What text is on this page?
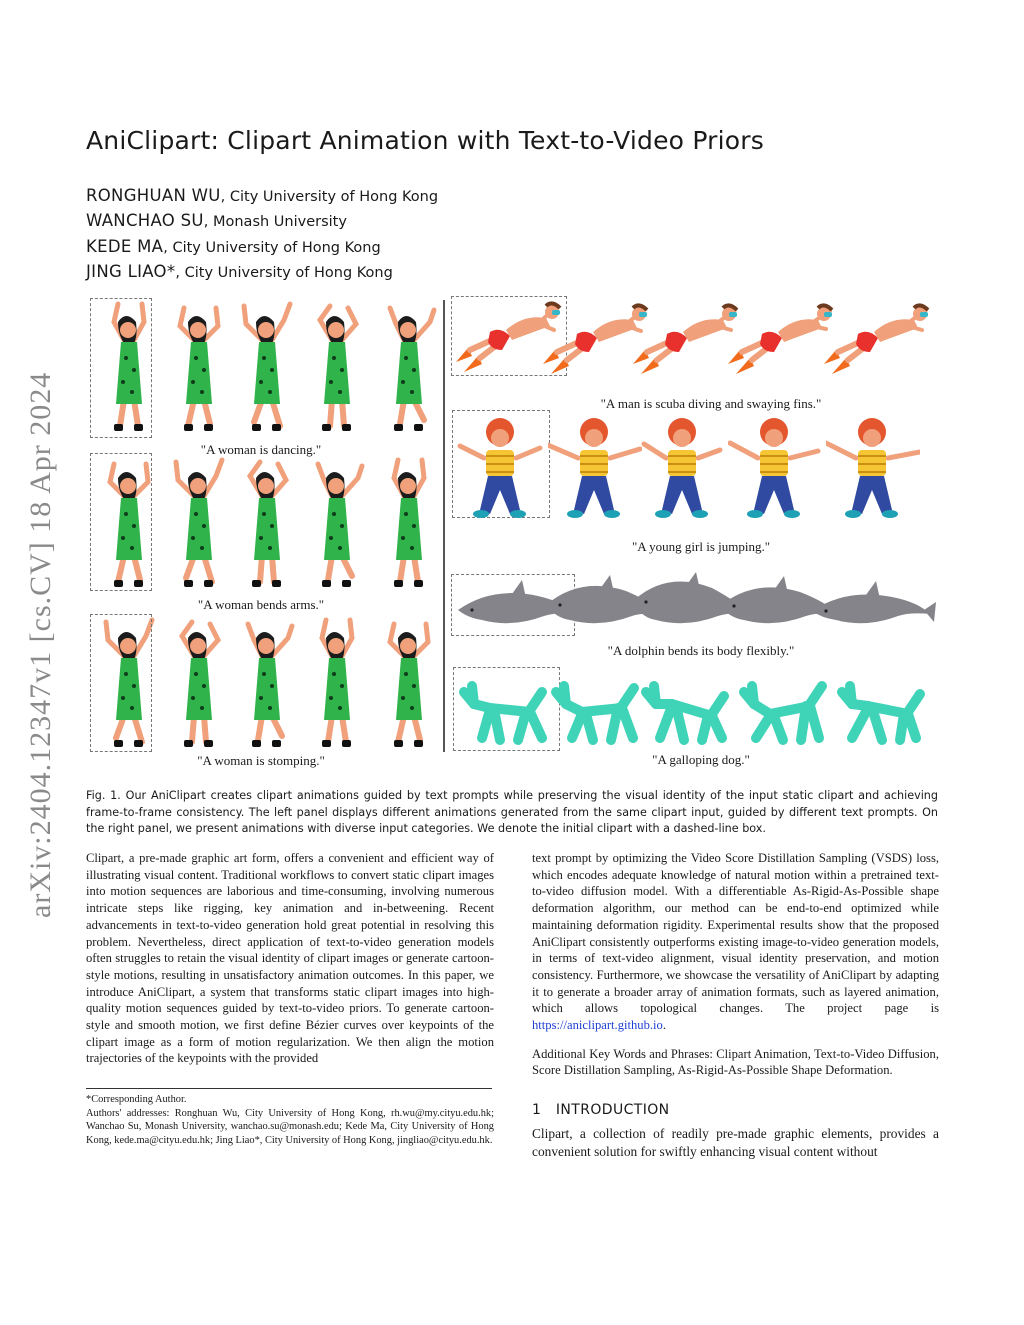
arXiv:2404.12347v1 [cs.CV] 18 Apr 2024
AniClipart: Clipart Animation with Text-to-Video Priors
RONGHUAN WU, City University of Hong Kong
WANCHAO SU, Monash University
KEDE MA, City University of Hong Kong
JING LIAO*, City University of Hong Kong
"A woman is dancing."
"A woman bends arms."
"A woman is stomping."
"A man is scuba diving and swaying fins."
"A young girl is jumping."
"A dolphin bends its body flexibly."
"A galloping dog."
Fig. 1. Our AniClipart creates clipart animations guided by text prompts while preserving the visual identity of the input static clipart and achieving frame-to-frame consistency. The left panel displays different animations generated from the same clipart input, guided by different text prompts. On the right panel, we present animations with diverse input categories. We denote the initial clipart with a dashed-line box.
Clipart, a pre-made graphic art form, offers a convenient and efficient way of illustrating visual content. Traditional workflows to convert static clipart images into motion sequences are laborious and time-consuming, involving numerous intricate steps like rigging, key animation and in-betweening. Recent advancements in text-to-video generation hold great potential in resolving this problem. Nevertheless, direct application of text-to-video generation models often struggles to retain the visual identity of clipart images or generate cartoon-style motions, resulting in unsatisfactory animation outcomes. In this paper, we introduce AniClipart, a system that transforms static clipart images into high-quality motion sequences guided by text-to-video priors. To generate cartoon-style and smooth motion, we first define Bézier curves over keypoints of the clipart image as a form of motion regularization. We then align the motion trajectories of the keypoints with the provided
text prompt by optimizing the Video Score Distillation Sampling (VSDS) loss, which encodes adequate knowledge of natural motion within a pretrained text-to-video diffusion model. With a differentiable As-Rigid-As-Possible shape deformation algorithm, our method can be end-to-end optimized while maintaining deformation rigidity. Experimental results show that the proposed AniClipart consistently outperforms existing image-to-video generation models, in terms of text-video alignment, visual identity preservation, and motion consistency. Furthermore, we showcase the versatility of AniClipart by adapting it to generate a broader array of animation formats, such as layered animation, which allows topological changes. The project page is https://aniclipart.github.io.
Additional Key Words and Phrases: Clipart Animation, Text-to-Video Diffusion, Score Distillation Sampling, As-Rigid-As-Possible Shape Deformation.
*Corresponding Author.
Authors' addresses: Ronghuan Wu, City University of Hong Kong, rh.wu@my.cityu.edu.hk; Wanchao Su, Monash University, wanchao.su@monash.edu; Kede Ma, City University of Hong Kong, kede.ma@cityu.edu.hk; Jing Liao*, City University of Hong Kong, jingliao@cityu.edu.hk.
1 INTRODUCTION
Clipart, a collection of readily pre-made graphic elements, provides a convenient solution for swiftly enhancing visual content without
